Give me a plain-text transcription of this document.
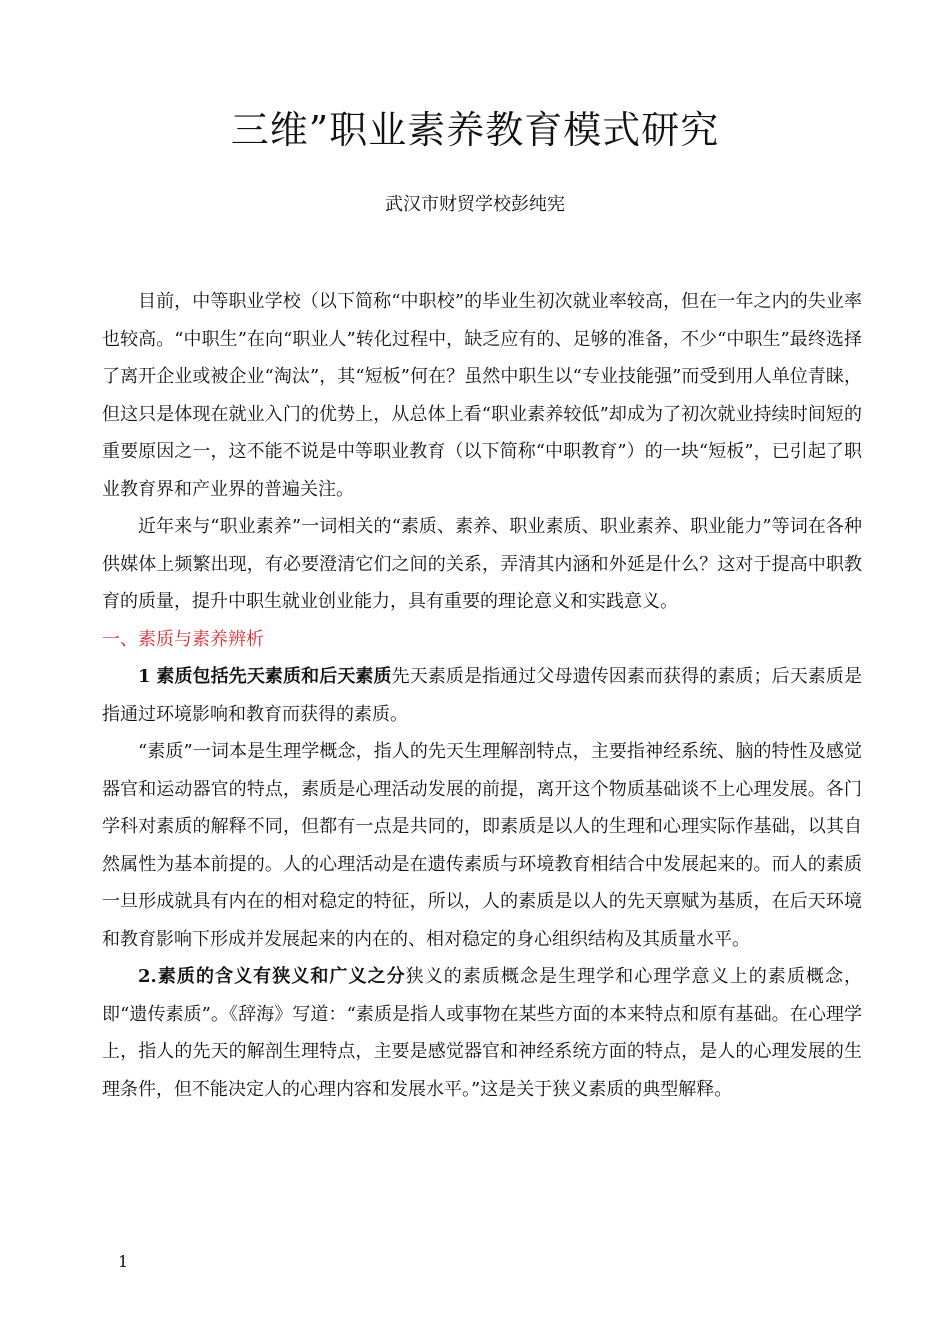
三维”职业素养教育模式研究
武汉市财贸学校彭纯宪

目前，中等职业学校（以下简称“中职校”的毕业生初次就业率较高，但在一年之内的失业率也较高。“中职生”在向“职业人”转化过程中，缺乏应有的、足够的准备，不少“中职生”最终选择了离开企业或被企业“淘汰”，其“短板”何在？虽然中职生以“专业技能强”而受到用人单位青睐，但这只是体现在就业入门的优势上，从总体上看“职业素养较低”却成为了初次就业持续时间短的重要原因之一，这不能不说是中等职业教育（以下简称“中职教育”）的一块“短板”，已引起了职业教育界和产业界的普遍关注。

近年来与“职业素养”一词相关的“素质、素养、职业素质、职业素养、职业能力”等词在各种供媒体上频繁出现，有必要澄清它们之间的关系，弄清其内涵和外延是什么？这对于提高中职教育的质量，提升中职生就业创业能力，具有重要的理论意义和实践意义。

一、素质与素养辨析

1 素质包括先天素质和后天素质先天素质是指通过父母遗传因素而获得的素质；后天素质是指通过环境影响和教育而获得的素质。

“素质”一词本是生理学概念，指人的先天生理解剖特点，主要指神经系统、脑的特性及感觉器官和运动器官的特点，素质是心理活动发展的前提，离开这个物质基础谈不上心理发展。各门学科对素质的解释不同，但都有一点是共同的，即素质是以人的生理和心理实际作基础，以其自然属性为基本前提的。人的心理活动是在遗传素质与环境教育相结合中发展起来的。而人的素质一旦形成就具有内在的相对稳定的特征，所以，人的素质是以人的先天禀赋为基质，在后天环境和教育影响下形成并发展起来的内在的、相对稳定的身心组织结构及其质量水平。

2.素质的含义有狭义和广义之分狭义的素质概念是生理学和心理学意义上的素质概念，即“遗传素质”。《辞海》写道：“素质是指人或事物在某些方面的本来特点和原有基础。在心理学上，指人的先天的解剖生理特点，主要是感觉器官和神经系统方面的特点，是人的心理发展的生理条件，但不能决定人的心理内容和发展水平。”这是关于狭义素质的典型解释。

1
